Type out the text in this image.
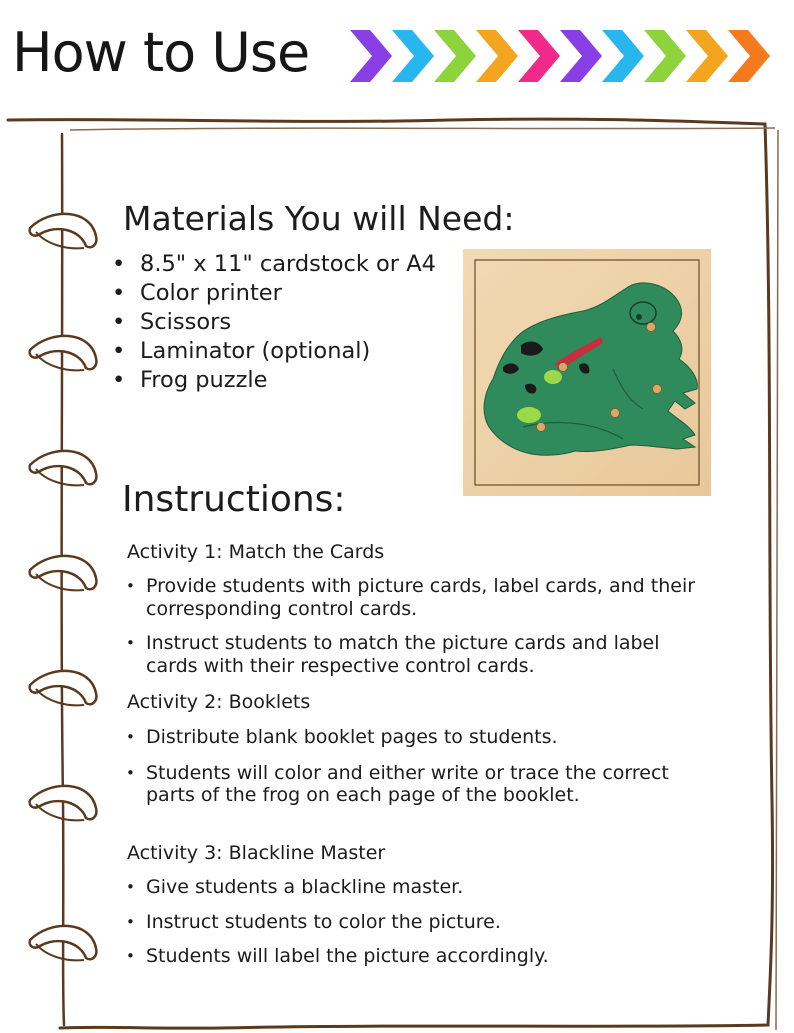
How to Use
Materials You will Need:
• 8.5" x 11" cardstock or A4
• Color printer
• Scissors
• Laminator (optional)
• Frog puzzle
Instructions:
Activity 1: Match the Cards
• Provide students with picture cards, label cards, and their corresponding control cards.
• Instruct students to match the picture cards and label cards with their respective control cards.
Activity 2: Booklets
• Distribute blank booklet pages to students.
• Students will color and either write or trace the correct parts of the frog on each page of the booklet.
Activity 3: Blackline Master
• Give students a blackline master.
• Instruct students to color the picture.
• Students will label the picture accordingly.
